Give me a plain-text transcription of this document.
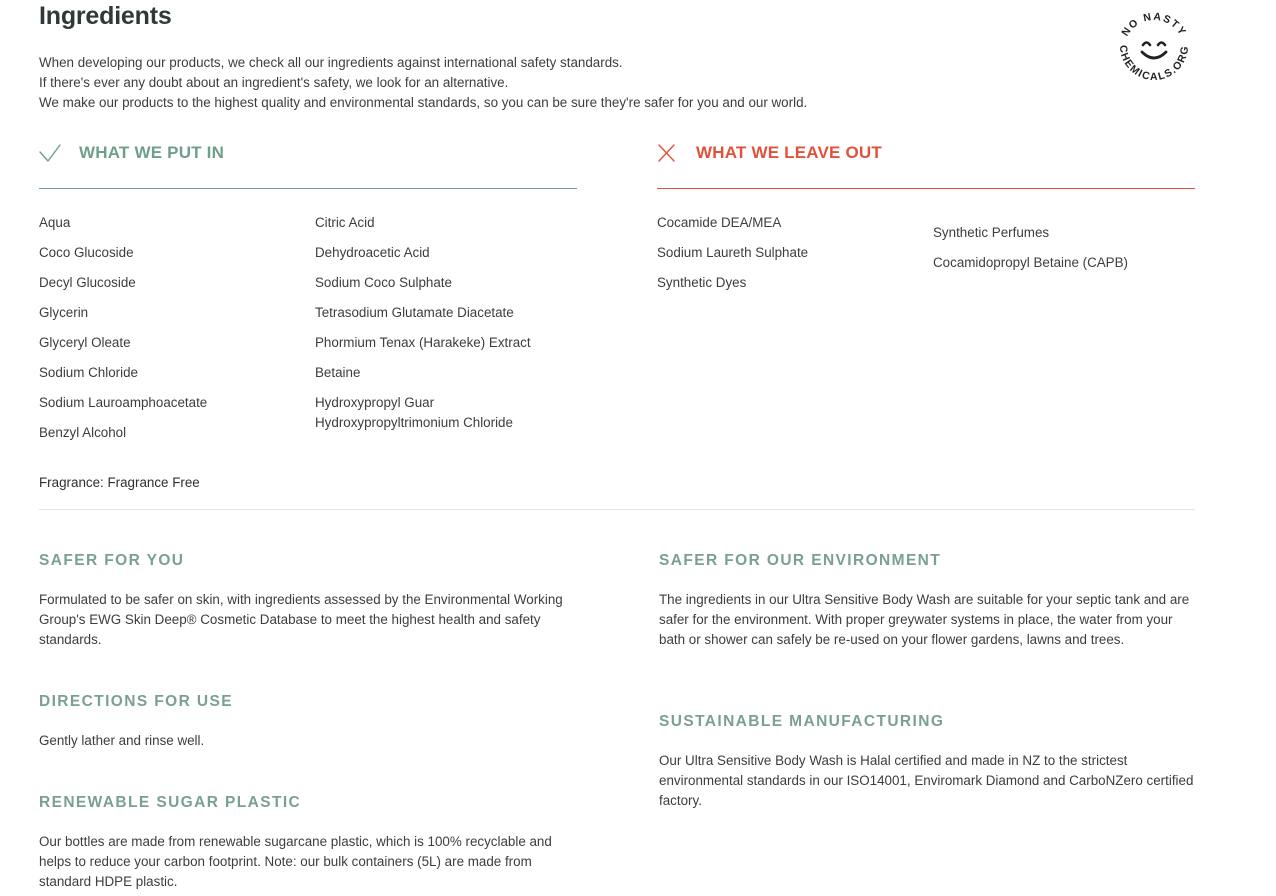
Ingredients
When developing our products, we check all our ingredients against international safety standards.
If there's ever any doubt about an ingredient's safety, we look for an alternative.
We make our products to the highest quality and environmental standards, so you can be sure they're safer for you and our world.
NO NASTY
CHEMICALS.ORG
WHAT WE PUT IN	WHAT WE LEAVE OUT
Aqua
Coco Glucoside
Decyl Glucoside
Glycerin
Glyceryl Oleate
Sodium Chloride
Sodium Lauroamphoacetate
Benzyl Alcohol
Citric Acid
Dehydroacetic Acid
Sodium Coco Sulphate
Tetrasodium Glutamate Diacetate
Phormium Tenax (Harakeke) Extract
Betaine
Hydroxypropyl Guar Hydroxypropyltrimonium Chloride
Cocamide DEA/MEA
Sodium Laureth Sulphate
Synthetic Dyes
Synthetic Perfumes
Cocamidopropyl Betaine (CAPB)
Fragrance: Fragrance Free
SAFER FOR YOU

Formulated to be safer on skin, with ingredients assessed by the Environmental Working Group's EWG Skin Deep® Cosmetic Database to meet the highest health and safety standards.

DIRECTIONS FOR USE

Gently lather and rinse well.

RENEWABLE SUGAR PLASTIC

Our bottles are made from renewable sugarcane plastic, which is 100% recyclable and helps to reduce your carbon footprint. Note: our bulk containers (5L) are made from standard HDPE plastic.

SAFER FOR OUR ENVIRONMENT

The ingredients in our Ultra Sensitive Body Wash are suitable for your septic tank and are safer for the environment. With proper greywater systems in place, the water from your bath or shower can safely be re-used on your flower gardens, lawns and trees.

SUSTAINABLE MANUFACTURING

Our Ultra Sensitive Body Wash is Halal certified and made in NZ to the strictest environmental standards in our ISO14001, Enviromark Diamond and CarboNZero certified factory.
